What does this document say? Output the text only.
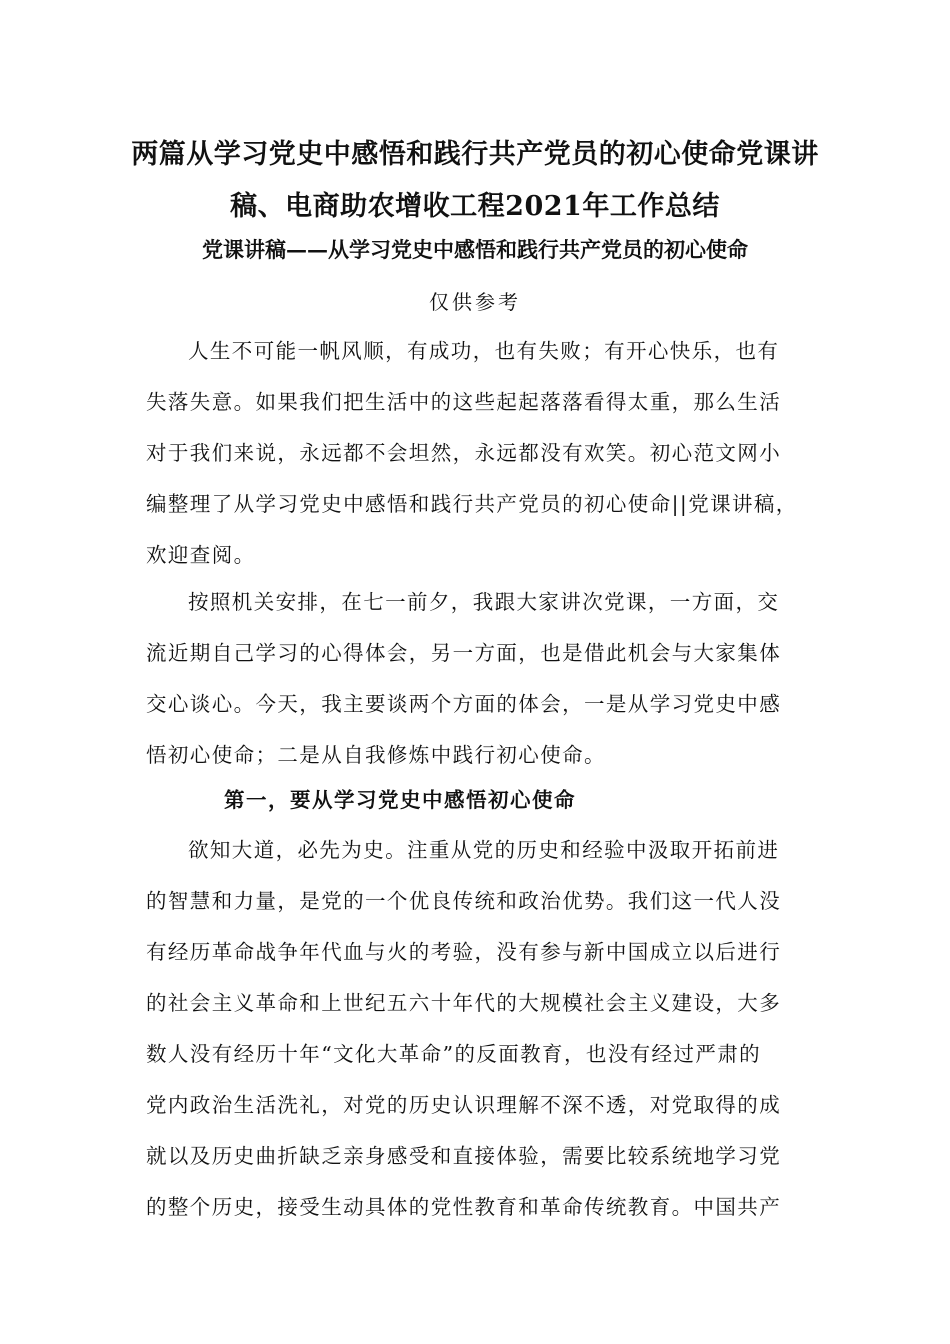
两篇从学习党史中感悟和践行共产党员的初心使命党课讲
稿、电商助农增收工程2021年工作总结
党课讲稿——从学习党史中感悟和践行共产党员的初心使命
仅供参考
人生不可能一帆风顺，有成功，也有失败；有开心快乐，也有
失落失意。如果我们把生活中的这些起起落落看得太重，那么生活
对于我们来说，永远都不会坦然，永远都没有欢笑。初心范文网小
编整理了从学习党史中感悟和践行共产党员的初心使命||党课讲稿，
欢迎查阅。
按照机关安排，在七一前夕，我跟大家讲次党课，一方面，交
流近期自己学习的心得体会，另一方面，也是借此机会与大家集体
交心谈心。今天，我主要谈两个方面的体会，一是从学习党史中感
悟初心使命；二是从自我修炼中践行初心使命。
第一，要从学习党史中感悟初心使命
欲知大道，必先为史。注重从党的历史和经验中汲取开拓前进
的智慧和力量，是党的一个优良传统和政治优势。我们这一代人没
有经历革命战争年代血与火的考验，没有参与新中国成立以后进行
的社会主义革命和上世纪五六十年代的大规模社会主义建设，大多
数人没有经历十年“文化大革命”的反面教育，也没有经过严肃的
党内政治生活洗礼，对党的历史认识理解不深不透，对党取得的成
就以及历史曲折缺乏亲身感受和直接体验，需要比较系统地学习党
的整个历史，接受生动具体的党性教育和革命传统教育。中国共产
